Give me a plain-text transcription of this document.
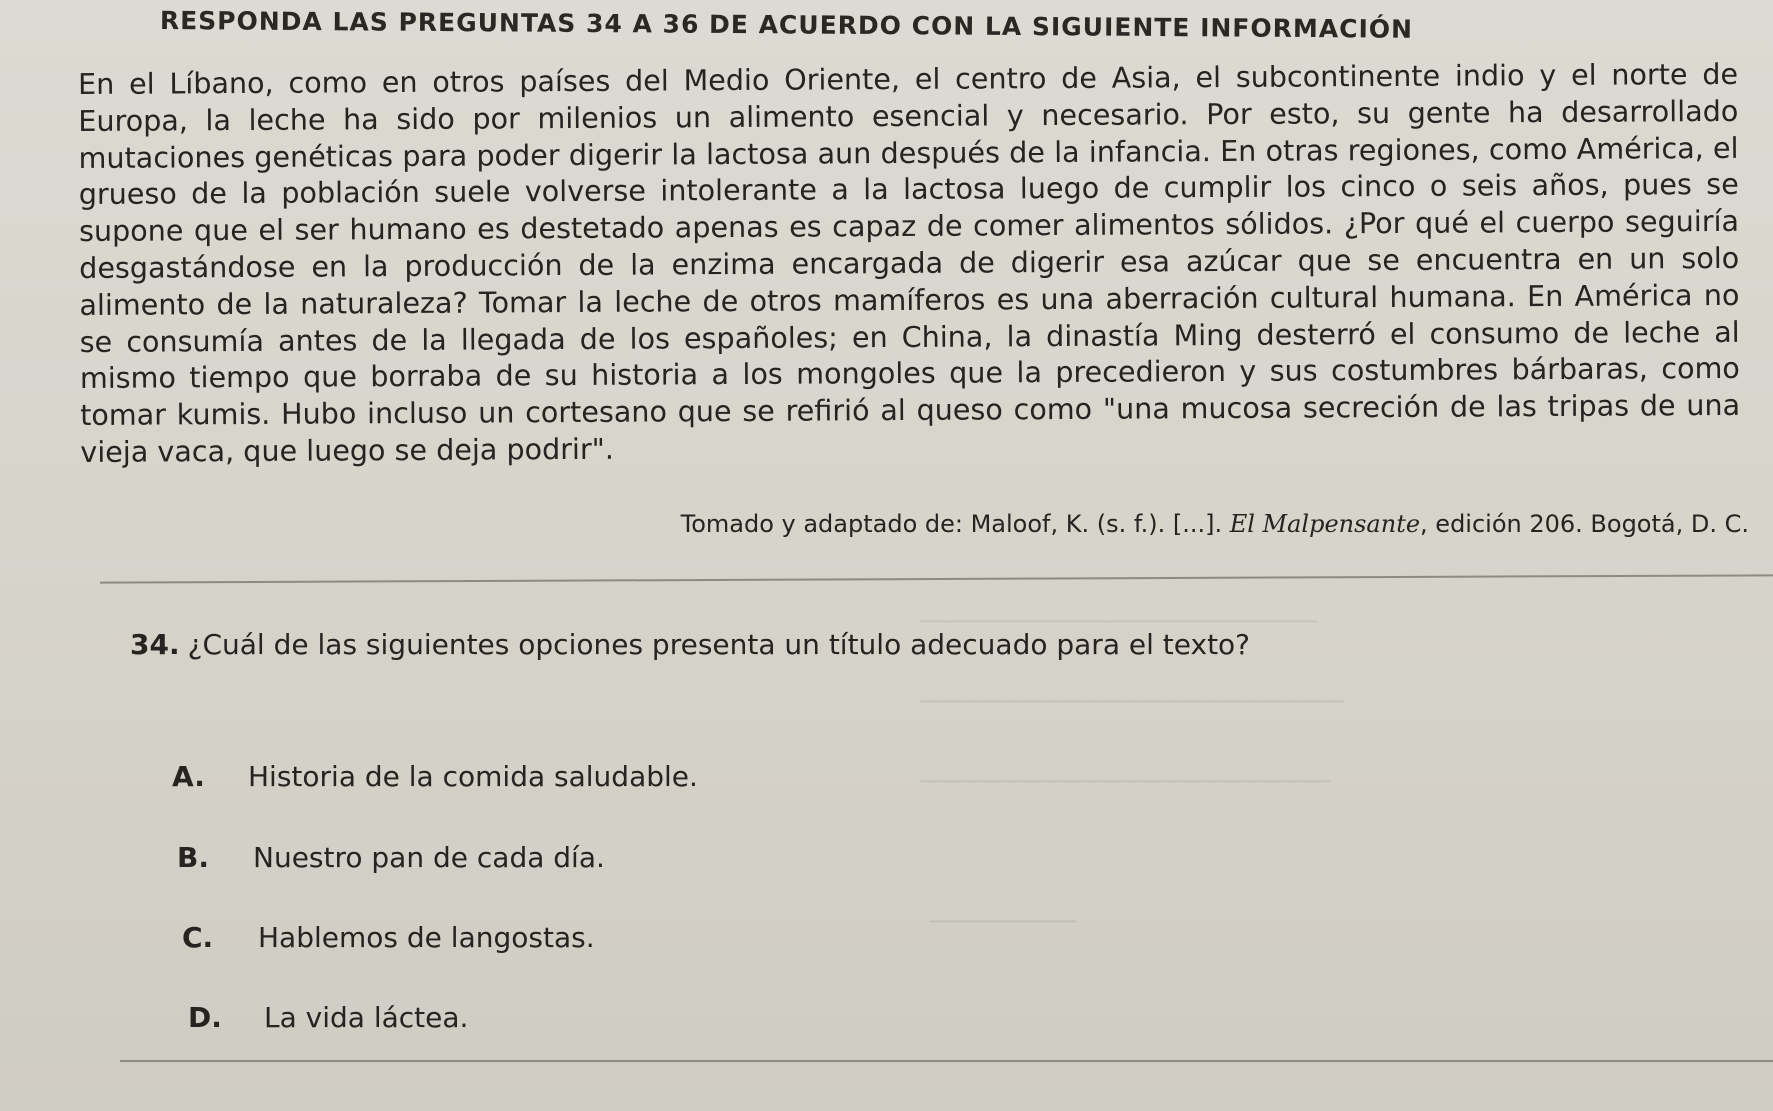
──────────────────────────────
────────────────────────────────
───────────────────────────────
───────────
RESPONDA LAS PREGUNTAS 34 A 36 DE ACUERDO CON LA SIGUIENTE INFORMACIÓN

En el Líbano, como en otros países del Medio Oriente, el centro de Asia, el subcontinente indio y el norte de Europa, la leche ha sido por milenios un alimento esencial y necesario. Por esto, su gente ha desarrollado mutaciones genéticas para poder digerir la lactosa aun después de la infancia. En otras regiones, como América, el grueso de la población suele volverse intolerante a la lactosa luego de cumplir los cinco o seis años, pues se supone que el ser humano es destetado apenas es capaz de comer alimentos sólidos. ¿Por qué el cuerpo seguiría desgastándose en la producción de la enzima encargada de digerir esa azúcar que se encuentra en un solo alimento de la naturaleza? Tomar la leche de otros mamíferos es una aberración cultural humana. En América no se consumía antes de la llegada de los españoles; en China, la dinastía Ming desterró el consumo de leche al mismo tiempo que borraba de su historia a los mongoles que la precedieron y sus costumbres bárbaras, como tomar kumis. Hubo incluso un cortesano que se refirió al queso como "una mucosa secreción de las tripas de una vieja vaca, que luego se deja podrir".

Tomado y adaptado de: Maloof, K. (s. f.). [...]. El Malpensante, edición 206. Bogotá, D. C.
34. ¿Cuál de las siguientes opciones presenta un título adecuado para el texto?
A. Historia de la comida saludable.
B. Nuestro pan de cada día.
C. Hablemos de langostas.
D. La vida láctea.
